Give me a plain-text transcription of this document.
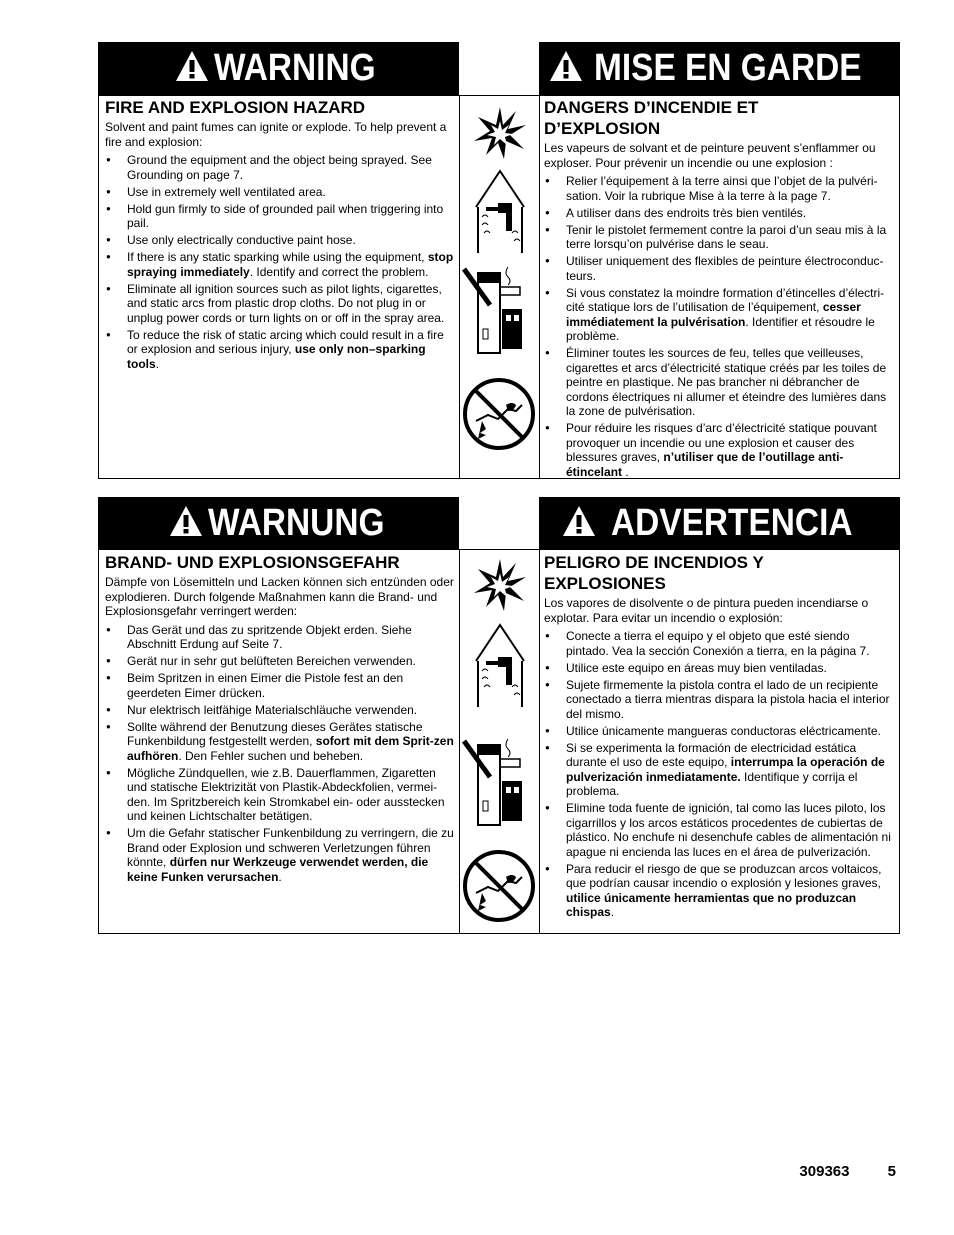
WARNING	MISE EN GARDE
FIRE AND EXPLOSION HAZARD

Solvent and paint fumes can ignite or explode. To help prevent a fire and explosion:

● Ground the equipment and the object being sprayed. See Grounding on page 7.
● Use in extremely well ventilated area.
● Hold gun firmly to side of grounded pail when triggering into pail.
● Use only electrically conductive paint hose.
● If there is any static sparking while using the equipment, stop spraying immediately. Identify and correct the problem.
● Eliminate all ignition sources such as pilot lights, cigarettes, and static arcs from plastic drop cloths. Do not plug in or unplug power cords or turn lights on or off in the spray area.
● To reduce the risk of static arcing which could result in a fire or explosion and serious injury, use only non–sparking tools.
DANGERS D’INCENDIE ET D’EXPLOSION

Les vapeurs de solvant et de peinture peuvent s’enflammer ou exploser. Pour prévenir un incendie ou une explosion :

● Relier l’équipement à la terre ainsi que l’objet de la pulvéri-sation. Voir la rubrique Mise à la terre à la page 7.
● A utiliser dans des endroits très bien ventilés.
● Tenir le pistolet fermement contre la paroi d’un seau mis à la terre lorsqu’on pulvérise dans le seau.
● Utiliser uniquement des flexibles de peinture électroconduc-teurs.
● Si vous constatez la moindre formation d’étincelles d’électri-cité statique lors de l’utilisation de l’équipement, cesser immédiatement la pulvérisation. Identifier et résoudre le problème.
● Éliminer toutes les sources de feu, telles que veilleuses, cigarettes et arcs d’électricité statique créés par les toiles de peintre en plastique. Ne pas brancher ni débrancher de cordons électriques ni allumer et éteindre des lumières dans la zone de pulvérisation.
● Pour réduire les risques d’arc d’électricité statique pouvant provoquer un incendie ou une explosion et causer des blessures graves, n’utiliser que de l’outillage anti-étincelant .
WARNUNG	ADVERTENCIA
BRAND- UND EXPLOSIONSGEFAHR

Dämpfe von Lösemitteln und Lacken können sich entzünden oder explodieren. Durch folgende Maßnahmen kann die Brand- und Explosionsgefahr verringert werden:

● Das Gerät und das zu spritzende Objekt erden. Siehe Abschnitt Erdung auf Seite 7.
● Gerät nur in sehr gut belüfteten Bereichen verwenden.
● Beim Spritzen in einen Eimer die Pistole fest an den geerdeten Eimer drücken.
● Nur elektrisch leitfähige Materialschläuche verwenden.
● Sollte während der Benutzung dieses Gerätes statische Funkenbildung festgestellt werden, sofort mit dem Sprit-zen aufhören. Den Fehler suchen und beheben.
● Mögliche Zündquellen, wie z.B. Dauerflammen, Zigaretten und statische Elektrizität von Plastik-Abdeckfolien, vermei-den. Im Spritzbereich kein Stromkabel ein- oder ausstecken und keinen Lichtschalter betätigen.
● Um die Gefahr statischer Funkenbildung zu verringern, die zu Brand oder Explosion und schweren Verletzungen führen könnte, dürfen nur Werkzeuge verwendet werden, die keine Funken verursachen.
PELIGRO DE INCENDIOS Y EXPLOSIONES

Los vapores de disolvente o de pintura pueden incendiarse o explotar. Para evitar un incendio o explosión:

● Conecte a tierra el equipo y el objeto que esté siendo pintado. Vea la sección Conexión a tierra, en la página 7.
● Utilice este equipo en áreas muy bien ventiladas.
● Sujete firmemente la pistola contra el lado de un recipiente conectado a tierra mientras dispara la pistola hacia el interior del mismo.
● Utilice únicamente mangueras conductoras eléctricamente.
● Si se experimenta la formación de electricidad estática durante el uso de este equipo, interrumpa la operación de pulverización inmediatamente. Identifique y corrija el problema.
● Elimine toda fuente de ignición, tal como las luces piloto, los cigarrillos y los arcos estáticos procedentes de cubiertas de plástico. No enchufe ni desenchufe cables de alimentación ni apague ni encienda las luces en el área de pulverización.
● Para reducir el riesgo de que se produzcan arcos voltaicos, que podrían causar incendio o explosión y lesiones graves, utilice únicamente herramientas que no produzcan chispas.
309363	5
